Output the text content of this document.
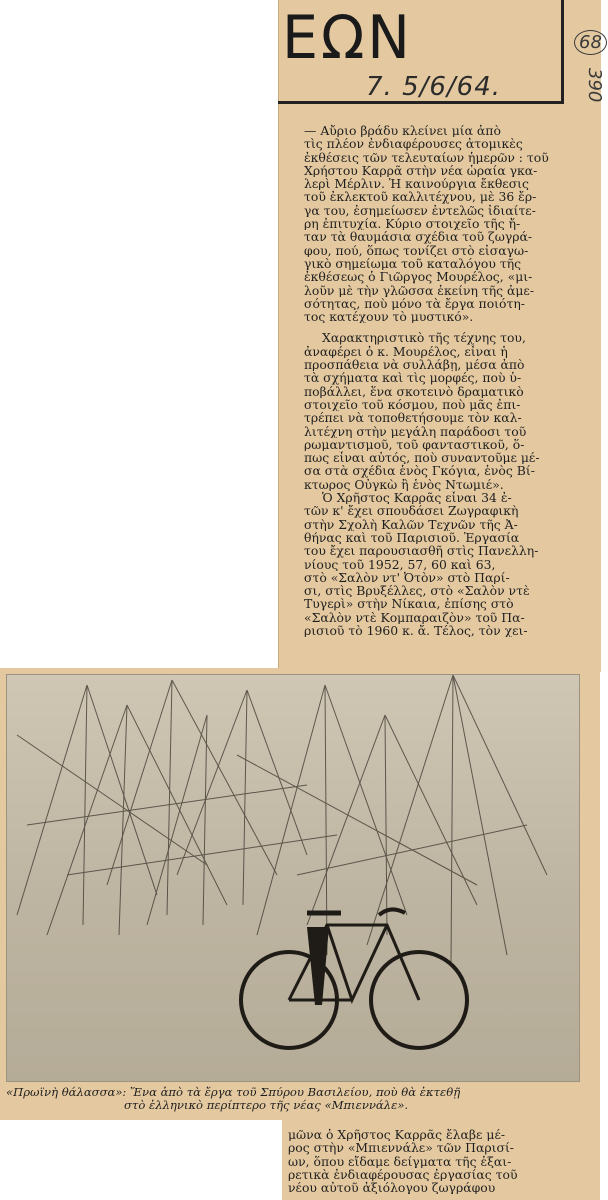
ΕΩΝ
7. 5/6/64.
68
390

— Αὔριο βράδυ κλείνει μία ἀπὸ
τὶς πλέον ἐνδιαφέρουσες ἀτομικὲς
ἐκθέσεις τῶν τελευταίων ἡμερῶν : τοῦ
Χρήστου Καρρᾶ στὴν νέα ὡραία γκα-
λερὶ Μέρλιν. Ἡ καινούργια ἔκθεσις
τοῦ ἐκλεκτοῦ καλλιτέχνου, μὲ 36 ἔρ-
γα του, ἐσημείωσεν ἐντελῶς ἰδιαίτε-
ρη ἐπιτυχία. Κύριο στοιχεῖο τῆς ἤ-
ταν τὰ θαυμάσια σχέδια τοῦ ζωγρά-
φου, πού, ὅπως τονίζει στὸ εἰσαγω-
γικὸ σημείωμα τοῦ καταλόγου τῆς
ἐκθέσεως ὁ Γιῶργος Μουρέλος, «μι-
λοῦν μὲ τὴν γλῶσσα ἐκείνη τῆς ἀμε-
σότητας, ποὺ μόνο τὰ ἔργα ποιότη-
τος κατέχουν τὸ μυστικό».

Χαρακτηριστικὸ τῆς τέχνης του,
ἀναφέρει ὁ κ. Μουρέλος, εἶναι ἡ
προσπάθεια νὰ συλλάβῃ, μέσα ἀπὸ
τὰ σχήματα καὶ τὶς μορφές, ποὺ ὑ-
ποβάλλει, ἕνα σκοτεινὸ δραματικὸ
στοιχεῖο τοῦ κόσμου, ποὺ μᾶς ἐπι-
τρέπει νὰ τοποθετήσουμε τὸν καλ-
λιτέχνη στὴν μεγάλη παράδοσι τοῦ
ρωμαντισμοῦ, τοῦ φανταστικοῦ, ὅ-
πως εἶναι αὐτός, ποὺ συναντοῦμε μέ-
σα στὰ σχέδια ἑνὸς Γκόγια, ἑνὸς Βί-
κτωρος Οὐγκὼ ἢ ἑνὸς Ντωμιέ».

Ὁ Χρῆστος Καρρᾶς εἶναι 34 ἐ-
τῶν κ' ἔχει σπουδάσει Ζωγραφικὴ
στὴν Σχολὴ Καλῶν Τεχνῶν τῆς Ἀ-
θήνας καὶ τοῦ Παρισιοῦ. Ἐργασία
του ἔχει παρουσιασθῆ στὶς Πανελλη-
νίους τοῦ 1952, 57, 60 καὶ 63,
στὸ «Σαλὸν ντ' Ὀτὸν» στὸ Παρί-
σι, στὶς Βρυξέλλες, στὸ «Σαλὸν ντὲ
Τυγερὶ» στὴν Νίκαια, ἐπίσης στὸ
«Σαλὸν ντὲ Κομπαραιζὸν» τοῦ Πα-
ρισιοῦ τὸ 1960 κ. ἄ. Τέλος, τὸν χει-

«Πρωϊνὴ θάλασσα»: Ἕνα ἀπὸ τὰ ἔργα τοῦ Σπύρου Βασιλείου, ποὺ θὰ ἐκτεθῇ
στὸ ἑλληνικὸ περίπτερο τῆς νέας «Μπιεννάλε».
μῶνα ὁ Χρῆστος Καρρᾶς ἔλαβε μέ-
ρος στὴν «Μπιεννάλε» τῶν Παρισί-
ων, ὅπου εἴδαμε δείγματα τῆς ἐξαι-
ρετικὰ ἐνδιαφέρουσας ἐργασίας τοῦ
νέου αὐτοῦ ἀξιόλογου ζωγράφου
